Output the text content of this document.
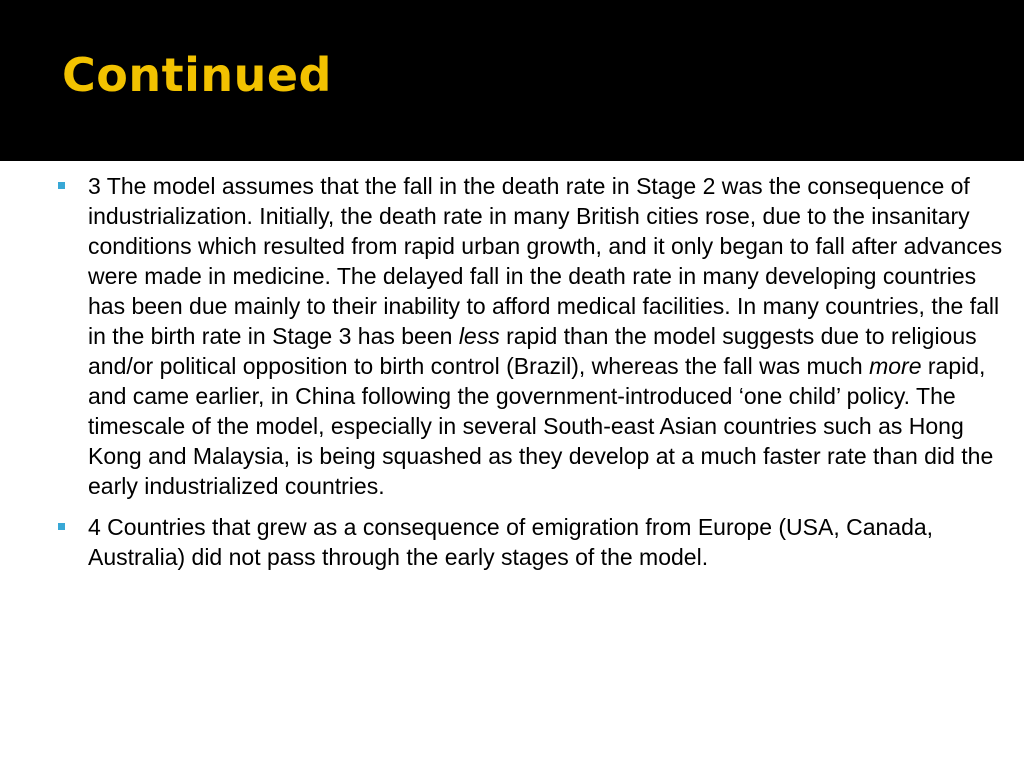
Continued
3 The model assumes that the fall in the death rate in Stage 2 was the consequence of industrialization. Initially, the death rate in many British cities rose, due to the insanitary conditions which resulted from rapid urban growth, and it only began to fall after advances were made in medicine. The delayed fall in the death rate in many developing countries has been due mainly to their inability to afford medical facilities. In many countries, the fall in the birth rate in Stage 3 has been less rapid than the model suggests due to religious and/or political opposition to birth control (Brazil), whereas the fall was much more rapid, and came earlier, in China following the government-introduced ‘one child’ policy. The timescale of the model, especially in several South-east Asian countries such as Hong Kong and Malaysia, is being squashed as they develop at a much faster rate than did the early industrialized countries.
4 Countries that grew as a consequence of emigration from Europe (USA, Canada, Australia) did not pass through the early stages of the model.
